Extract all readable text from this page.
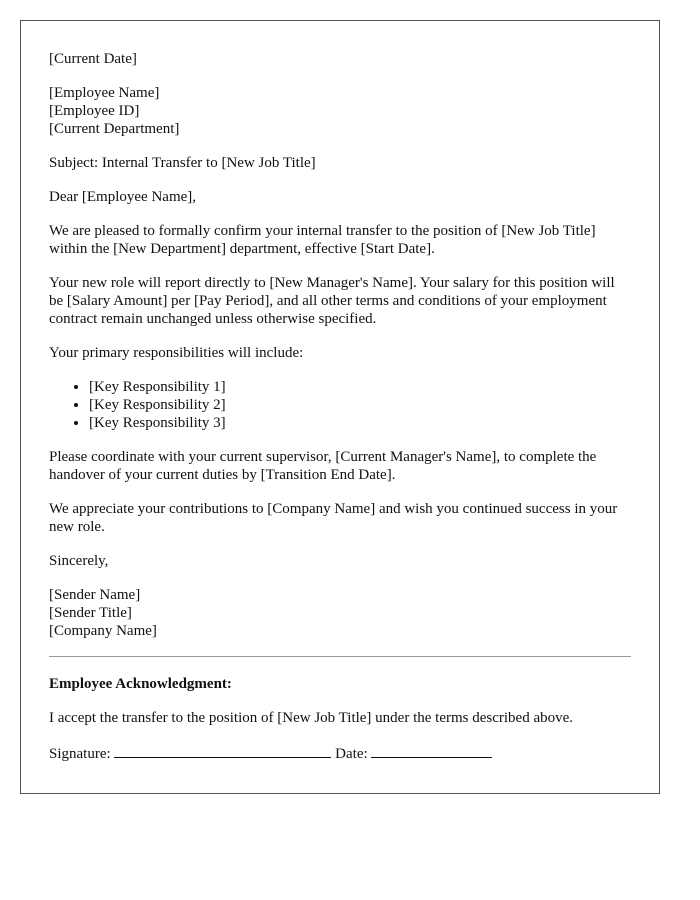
[Current Date]
[Employee Name]
[Employee ID]
[Current Department]

Subject: Internal Transfer to [New Job Title]

Dear [Employee Name],

We are pleased to formally confirm your internal transfer to the position of [New Job Title] within the [New Department] department, effective [Start Date].

Your new role will report directly to [New Manager's Name]. Your salary for this position will be [Salary Amount] per [Pay Period], and all other terms and conditions of your employment contract remain unchanged unless otherwise specified.

Your primary responsibilities will include:

• [Key Responsibility 1]
• [Key Responsibility 2]
• [Key Responsibility 3]

Please coordinate with your current supervisor, [Current Manager's Name], to complete the handover of your current duties by [Transition End Date].

We appreciate your contributions to [Company Name] and wish you continued success in your new role.

Sincerely,

[Sender Name]
[Sender Title]
[Company Name]
Employee Acknowledgment:

I accept the transfer to the position of [New Job Title] under the terms described above.

Signature:	Date:
